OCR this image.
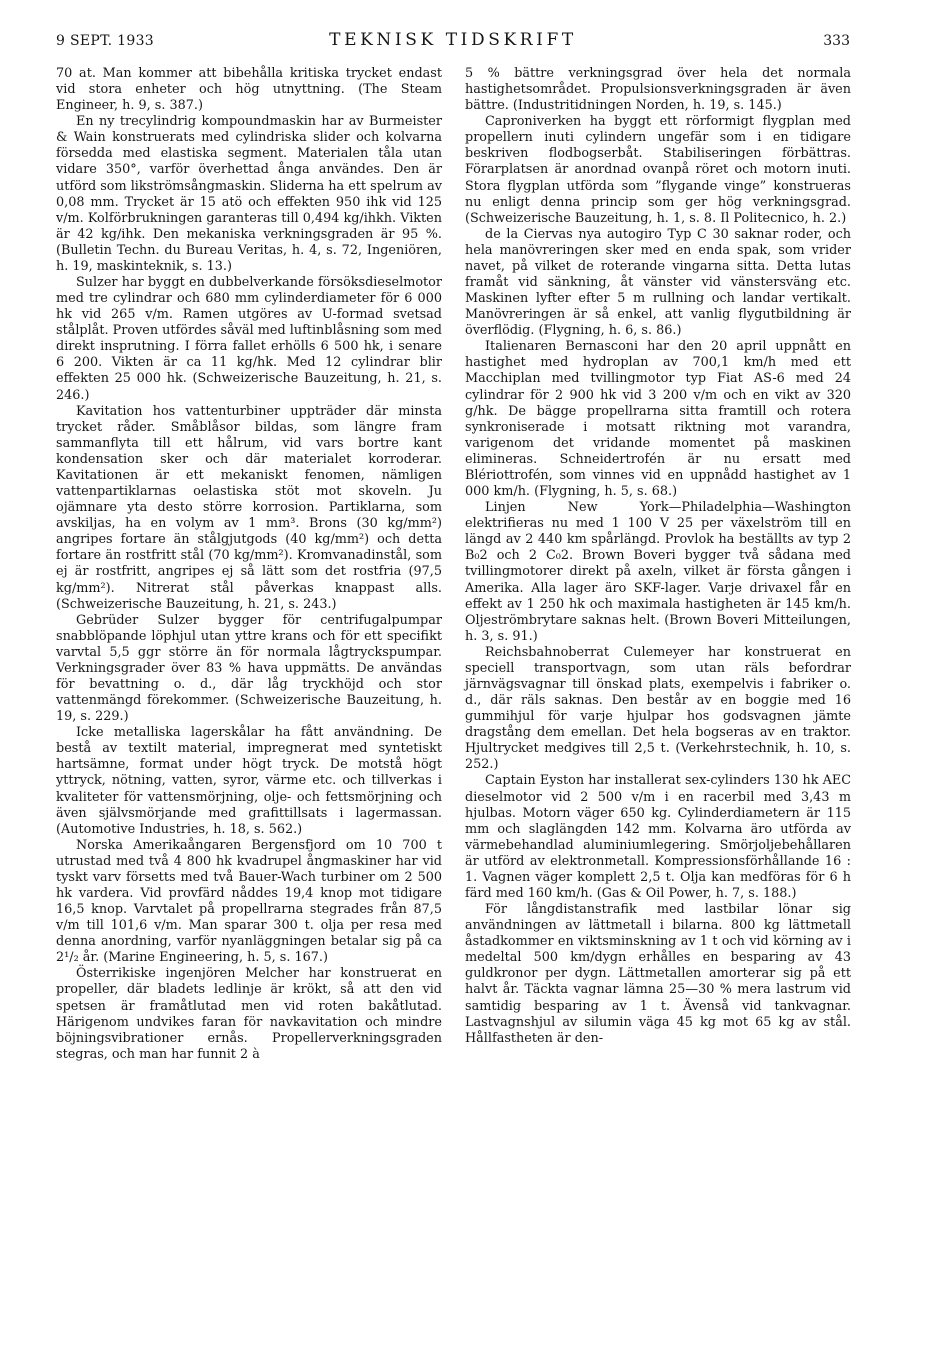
9 SEPT. 1933	TEKNISK TIDSKRIFT	333

70 at. Man kommer att bibehålla kritiska trycket endast vid stora enheter och hög utnyttning. (The Steam Engineer, h. 9, s. 387.)

En ny trecylindrig kompoundmaskin har av Burmeister & Wain konstruerats med cylindriska slider och kolvarna försedda med elastiska segment. Materialen tåla utan vidare 350°, varför överhettad ånga användes. Den är utförd som likströmsångmaskin. Sliderna ha ett spelrum av 0,08 mm. Trycket är 15 atö och effekten 950 ihk vid 125 v/m. Kolförbrukningen garanteras till 0,494 kg/ihkh. Vikten är 42 kg/ihk. Den mekaniska verkningsgraden är 95 %. (Bulletin Techn. du Bureau Veritas, h. 4, s. 72, Ingeniören, h. 19, maskinteknik, s. 13.)

Sulzer har byggt en dubbelverkande försöksdieselmotor med tre cylindrar och 680 mm cylinderdiameter för 6 000 hk vid 265 v/m. Ramen utgöres av U-formad svetsad stålplåt. Proven utfördes såväl med luftinblåsning som med direkt insprutning. I förra fallet erhölls 6 500 hk, i senare 6 200. Vikten är ca 11 kg/hk. Med 12 cylindrar blir effekten 25 000 hk. (Schweizerische Bauzeitung, h. 21, s. 246.)

Kavitation hos vattenturbiner uppträder där minsta trycket råder. Småblåsor bildas, som längre fram sammanflyta till ett hålrum, vid vars bortre kant kondensation sker och där materialet korroderar. Kavitationen är ett mekaniskt fenomen, nämligen vattenpartiklarnas oelastiska stöt mot skoveln. Ju ojämnare yta desto större korrosion. Partiklarna, som avskiljas, ha en volym av 1 mm³. Brons (30 kg/mm²) angripes fortare än stålgjutgods (40 kg/mm²) och detta fortare än rostfritt stål (70 kg/mm²). Kromvanadinstål, som ej är rostfritt, angripes ej så lätt som det rostfria (97,5 kg/mm²). Nitrerat stål påverkas knappast alls. (Schweizerische Bauzeitung, h. 21, s. 243.)

Gebrüder Sulzer bygger för centrifugalpumpar snabblöpande löphjul utan yttre krans och för ett specifikt varvtal 5,5 ggr större än för normala lågtryckspumpar. Verkningsgrader över 83 % hava uppmätts. De användas för bevattning o. d., där låg tryckhöjd och stor vattenmängd förekommer. (Schweizerische Bauzeitung, h. 19, s. 229.)

Icke metalliska lagerskålar ha fått användning. De bestå av textilt material, impregnerat med syntetiskt hartsämne, format under högt tryck. De motstå högt yttryck, nötning, vatten, syror, värme etc. och tillverkas i kvaliteter för vattensmörjning, olje- och fettsmörjning och även självsmörjande med grafittillsats i lagermassan. (Automotive Industries, h. 18, s. 562.)

Norska Amerikaångaren Bergensfjord om 10 700 t utrustad med två 4 800 hk kvadrupel ångmaskiner har vid tyskt varv försetts med två Bauer-Wach turbiner om 2 500 hk vardera. Vid provfärd nåddes 19,4 knop mot tidigare 16,5 knop. Varvtalet på propellrarna stegrades från 87,5 v/m till 101,6 v/m. Man sparar 300 t. olja per resa med denna anordning, varför nyanläggningen betalar sig på ca 2¹/₂ år. (Marine Engineering, h. 5, s. 167.)

Österrikiske ingenjören Melcher har konstruerat en propeller, där bladets ledlinje är krökt, så att den vid spetsen är framåtlutad men vid roten bakåtlutad. Härigenom undvikes faran för navkavitation och mindre böjningsvibrationer ernås. Propellerverkningsgraden stegras, och man har funnit 2 à

5 % bättre verkningsgrad över hela det normala hastighetsområdet. Propulsionsverkningsgraden är även bättre. (Industritidningen Norden, h. 19, s. 145.)

Caproniverken ha byggt ett rörformigt flygplan med propellern inuti cylindern ungefär som i en tidigare beskriven flodbogserbåt. Stabiliseringen förbättras. Förarplatsen är anordnad ovanpå röret och motorn inuti. Stora flygplan utförda som ”flygande vinge” konstrueras nu enligt denna princip som ger hög verkningsgrad. (Schweizerische Bauzeitung, h. 1, s. 8. Il Politecnico, h. 2.)

de la Ciervas nya autogiro Typ C 30 saknar roder, och hela manövreringen sker med en enda spak, som vrider navet, på vilket de roterande vingarna sitta. Detta lutas framåt vid sänkning, åt vänster vid vänstersväng etc. Maskinen lyfter efter 5 m rullning och landar vertikalt. Manövreringen är så enkel, att vanlig flygutbildning är överflödig. (Flygning, h. 6, s. 86.)

Italienaren Bernasconi har den 20 april uppnått en hastighet med hydroplan av 700,1 km/h med ett Macchiplan med tvillingmotor typ Fiat AS-6 med 24 cylindrar för 2 900 hk vid 3 200 v/m och en vikt av 320 g/hk. De bägge propellrarna sitta framtill och rotera synkroniserade i motsatt riktning mot varandra, varigenom det vridande momentet på maskinen elimineras. Schneidertrofén är nu ersatt med Blériottrofén, som vinnes vid en uppnådd hastighet av 1 000 km/h. (Flygning, h. 5, s. 68.)

Linjen New York—Philadelphia—Washington elektrifieras nu med 1 100 V 25 per växelström till en längd av 2 440 km spårlängd. Provlok ha beställts av typ 2 B₀2 och 2 C₀2. Brown Boveri bygger två sådana med tvillingmotorer direkt på axeln, vilket är första gången i Amerika. Alla lager äro SKF-lager. Varje drivaxel får en effekt av 1 250 hk och maximala hastigheten är 145 km/h. Oljeströmbrytare saknas helt. (Brown Boveri Mitteilungen, h. 3, s. 91.)

Reichsbahnoberrat Culemeyer har konstruerat en speciell transportvagn, som utan räls befordrar järnvägsvagnar till önskad plats, exempelvis i fabriker o. d., där räls saknas. Den består av en boggie med 16 gummihjul för varje hjulpar hos godsvagnen jämte dragstång dem emellan. Det hela bogseras av en traktor. Hjultrycket medgives till 2,5 t. (Verkehrstechnik, h. 10, s. 252.)

Captain Eyston har installerat sex-cylinders 130 hk AEC dieselmotor vid 2 500 v/m i en racerbil med 3,43 m hjulbas. Motorn väger 650 kg. Cylinderdiametern är 115 mm och slaglängden 142 mm. Kolvarna äro utförda av värmebehandlad aluminiumlegering. Smörjoljebehållaren är utförd av elektronmetall. Kompressionsförhållande 16 : 1. Vagnen väger komplett 2,5 t. Olja kan medföras för 6 h färd med 160 km/h. (Gas & Oil Power, h. 7, s. 188.)

För långdistanstrafik med lastbilar lönar sig användningen av lättmetall i bilarna. 800 kg lättmetall åstadkommer en viktsminskning av 1 t och vid körning av i medeltal 500 km/dygn erhålles en besparing av 43 guldkronor per dygn. Lättmetallen amorterar sig på ett halvt år. Täckta vagnar lämna 25—30 % mera lastrum vid samtidig besparing av 1 t. Ävenså vid tankvagnar. Lastvagnshjul av silumin väga 45 kg mot 65 kg av stål. Hållfastheten är den-
